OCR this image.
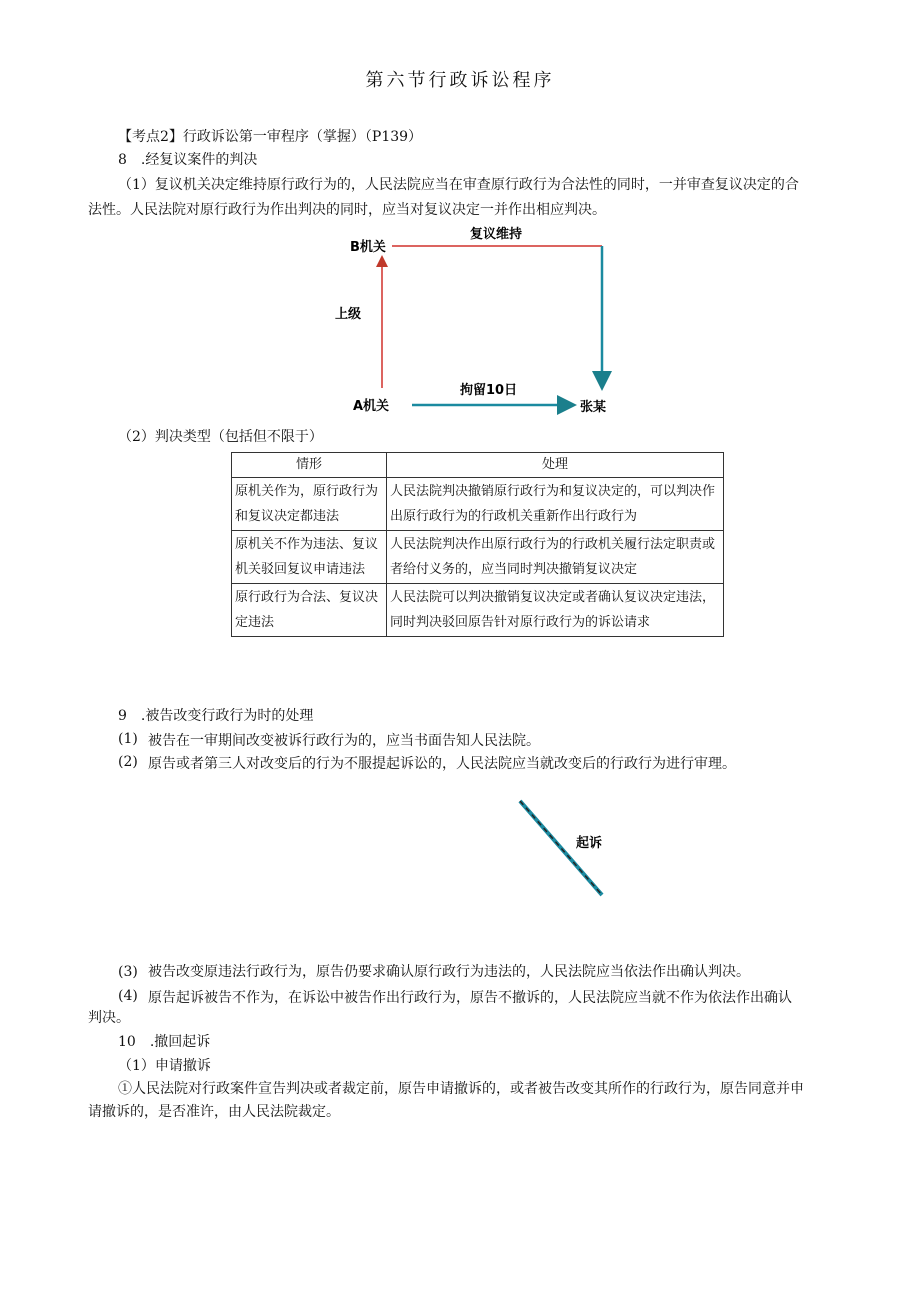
第六节行政诉讼程序
【考点2】行政诉讼第一审程序（掌握）（P139）
8　.经复议案件的判决
（1）复议机关决定维持原行政行为的，人民法院应当在审查原行政行为合法性的同时，一并审查复议决定的合
法性。人民法院对原行政行为作出判决的同时，应当对复议决定一并作出相应判决。
B机关
A机关
复议维持
上级
拘留10日
张某
（2）判决类型（包括但不限于）
情形	处理
原机关作为，原行政行为和复议决定都违法	人民法院判决撤销原行政行为和复议决定的，可以判决作出原行政行为的行政机关重新作出行政行为
原机关不作为违法、复议机关驳回复议申请违法	人民法院判决作出原行政行为的行政机关履行法定职责或者给付义务的，应当同时判决撤销复议决定
原行政行为合法、复议决定违法	人民法院可以判决撤销复议决定或者确认复议决定违法，同时判决驳回原告针对原行政行为的诉讼请求
9　.被告改变行政行为时的处理
(1) 被告在一审期间改变被诉行政行为的，应当书面告知人民法院。
(2) 原告或者第三人对改变后的行为不服提起诉讼的，人民法院应当就改变后的行政行为进行审理。
起诉
(3) 被告改变原违法行政行为，原告仍要求确认原行政行为违法的，人民法院应当依法作出确认判决。
(4) 原告起诉被告不作为，在诉讼中被告作出行政行为，原告不撤诉的，人民法院应当就不作为依法作出确认
判决。
10　.撤回起诉
（1）申请撤诉
①人民法院对行政案件宣告判决或者裁定前，原告申请撤诉的，或者被告改变其所作的行政行为，原告同意并申
请撤诉的，是否准许，由人民法院裁定。
